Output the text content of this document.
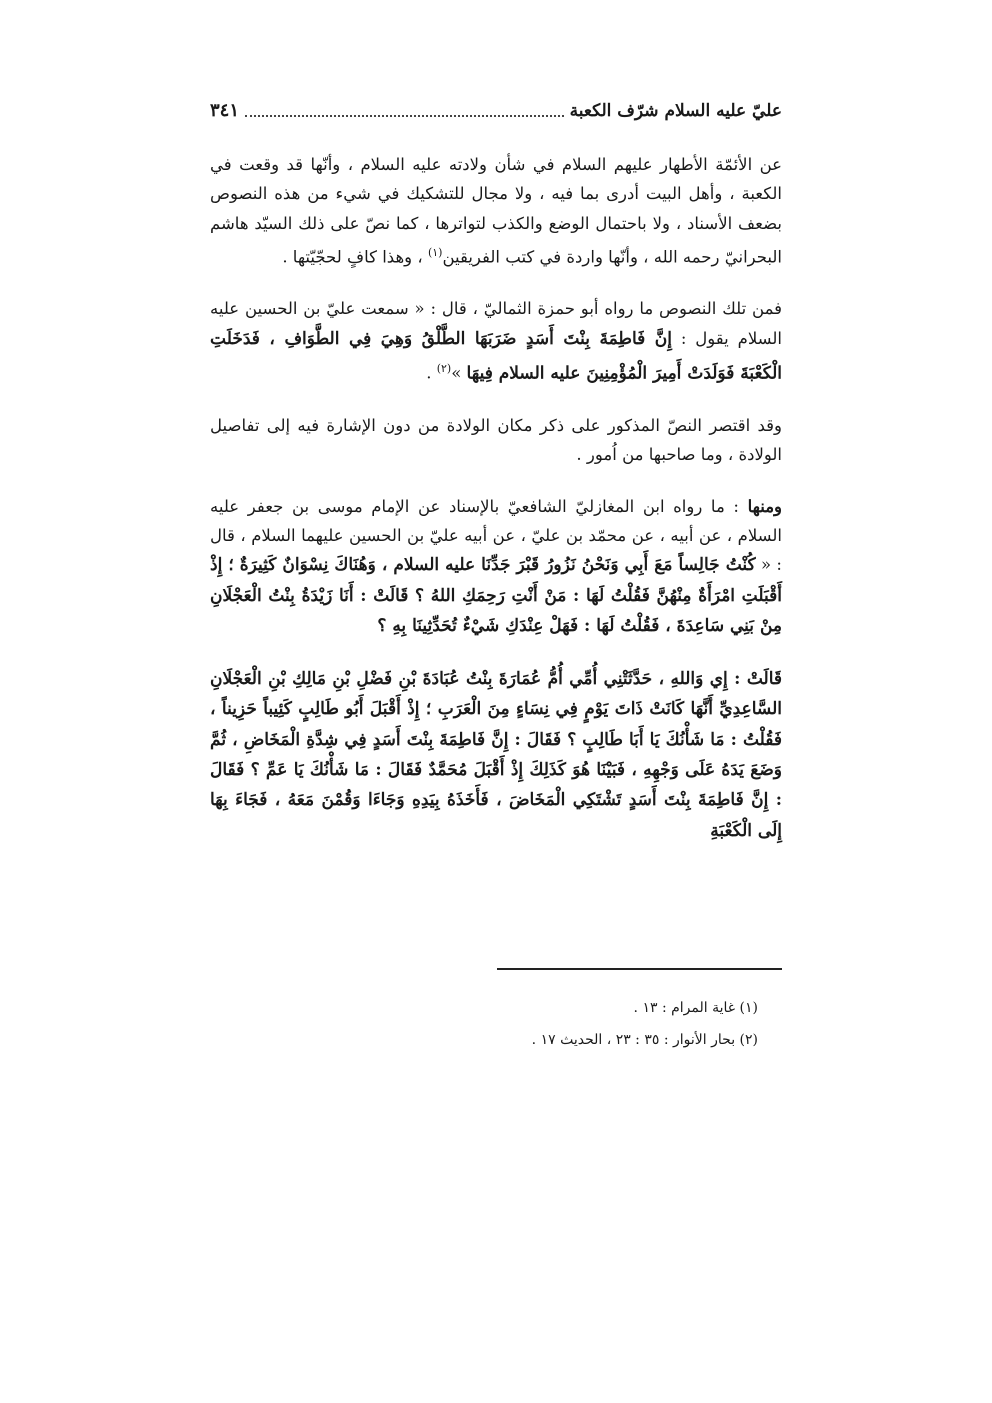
عليّ عليه السلام شرّف الكعبة
٣٤١

عن الأئمّة الأطهار عليهم السلام في شأن ولادته عليه السلام ، وأنّها قد وقعت في الكعبة ، وأهل البيت أدرى بما فيه ، ولا مجال للتشكيك في شيء من هذه النصوص بضعف الأسناد ، ولا باحتمال الوضع والكذب لتواترها ، كما نصّ على ذلك السيّد هاشم البحرانيّ رحمه الله ، وأنّها واردة في كتب الفريقين$^{(١)}$ ، وهذا كافٍ لحجّيّتها .

فمن تلك النصوص ما رواه أبو حمزة الثماليّ ، قال : « سمعت عليّ بن الحسين عليه السلام يقول : إِنَّ فَاطِمَةَ بِنْتَ أَسَدٍ ضَرَبَهَا الطَّلْقُ وَهِيَ فِي الطَّوَافِ ، فَدَخَلَتِ الْكَعْبَةَ فَوَلَدَتْ أَمِيرَ الْمُؤْمِنِينَ عليه السلام فِيهَا »$^{(٢)}$ .

وقد اقتصر النصّ المذكور على ذكر مكان الولادة من دون الإشارة فيه إلى تفاصيل الولادة ، وما صاحبها من اُمور .

ومنها : ما رواه ابن المغازليّ الشافعيّ بالإسناد عن الإمام موسى بن جعفر عليه السلام ، عن أبيه ، عن محمّد بن عليّ ، عن أبيه عليّ بن الحسين عليهما السلام ، قال : « كُنْتُ جَالِساً مَعَ أَبِي وَنَحْنُ نَزُورُ قَبْرَ جَدِّنَا عليه السلام ، وَهُنَاكَ نِسْوَانٌ كَثِيرَةٌ ؛ إِذْ أَقْبَلَتِ امْرَأَةٌ مِنْهُنَّ فَقُلْتُ لَهَا : مَنْ أَنْتِ رَحِمَكِ اللهُ ؟ قَالَتْ : أَنَا زَيْدَةُ بِنْتُ الْعَجْلَانِ مِنْ بَنِي سَاعِدَةَ ، فَقُلْتُ لَهَا : فَهَلْ عِنْدَكِ شَيْءٌ تُحَدِّثِينَا بِهِ ؟

قَالَتْ : إِي وَاللهِ ، حَدَّثَتْنِي أُمِّي أُمُّ عُمَارَةَ بِنْتُ عُبَادَةَ بْنِ فَضْلِ بْنِ مَالِكِ بْنِ الْعَجْلَانِ السَّاعِدِيِّ أَنَّهَا كَانَتْ ذَاتَ يَوْمٍ فِي نِسَاءٍ مِنَ الْعَرَبِ ؛ إِذْ أَقْبَلَ أَبُو طَالِبٍ كَئِيباً حَزِيناً ، فَقُلْتُ : مَا شَأْنُكَ يَا أَبَا طَالِبٍ ؟ فَقَالَ : إِنَّ فَاطِمَةَ بِنْتَ أَسَدٍ فِي شِدَّةِ الْمَخَاضِ ، ثُمَّ وَضَعَ يَدَهُ عَلَى وَجْهِهِ ، فَبَيْنَا هُوَ كَذَلِكَ إِذْ أَقْبَلَ مُحَمَّدٌ فَقَالَ : مَا شَأْنُكَ يَا عَمِّ ؟ فَقَالَ : إِنَّ فَاطِمَةَ بِنْتَ أَسَدٍ تَشْتَكِي الْمَخَاضَ ، فَأَخَذَهُ بِيَدِهِ وَجَاءَا وَقُمْنَ مَعَهُ ، فَجَاءَ بِهَا إِلَى الْكَعْبَةِ

(١) غاية المرام : ١٣ .
(٢) بحار الأنوار : ٣٥ : ٢٣ ، الحديث ١٧ .
